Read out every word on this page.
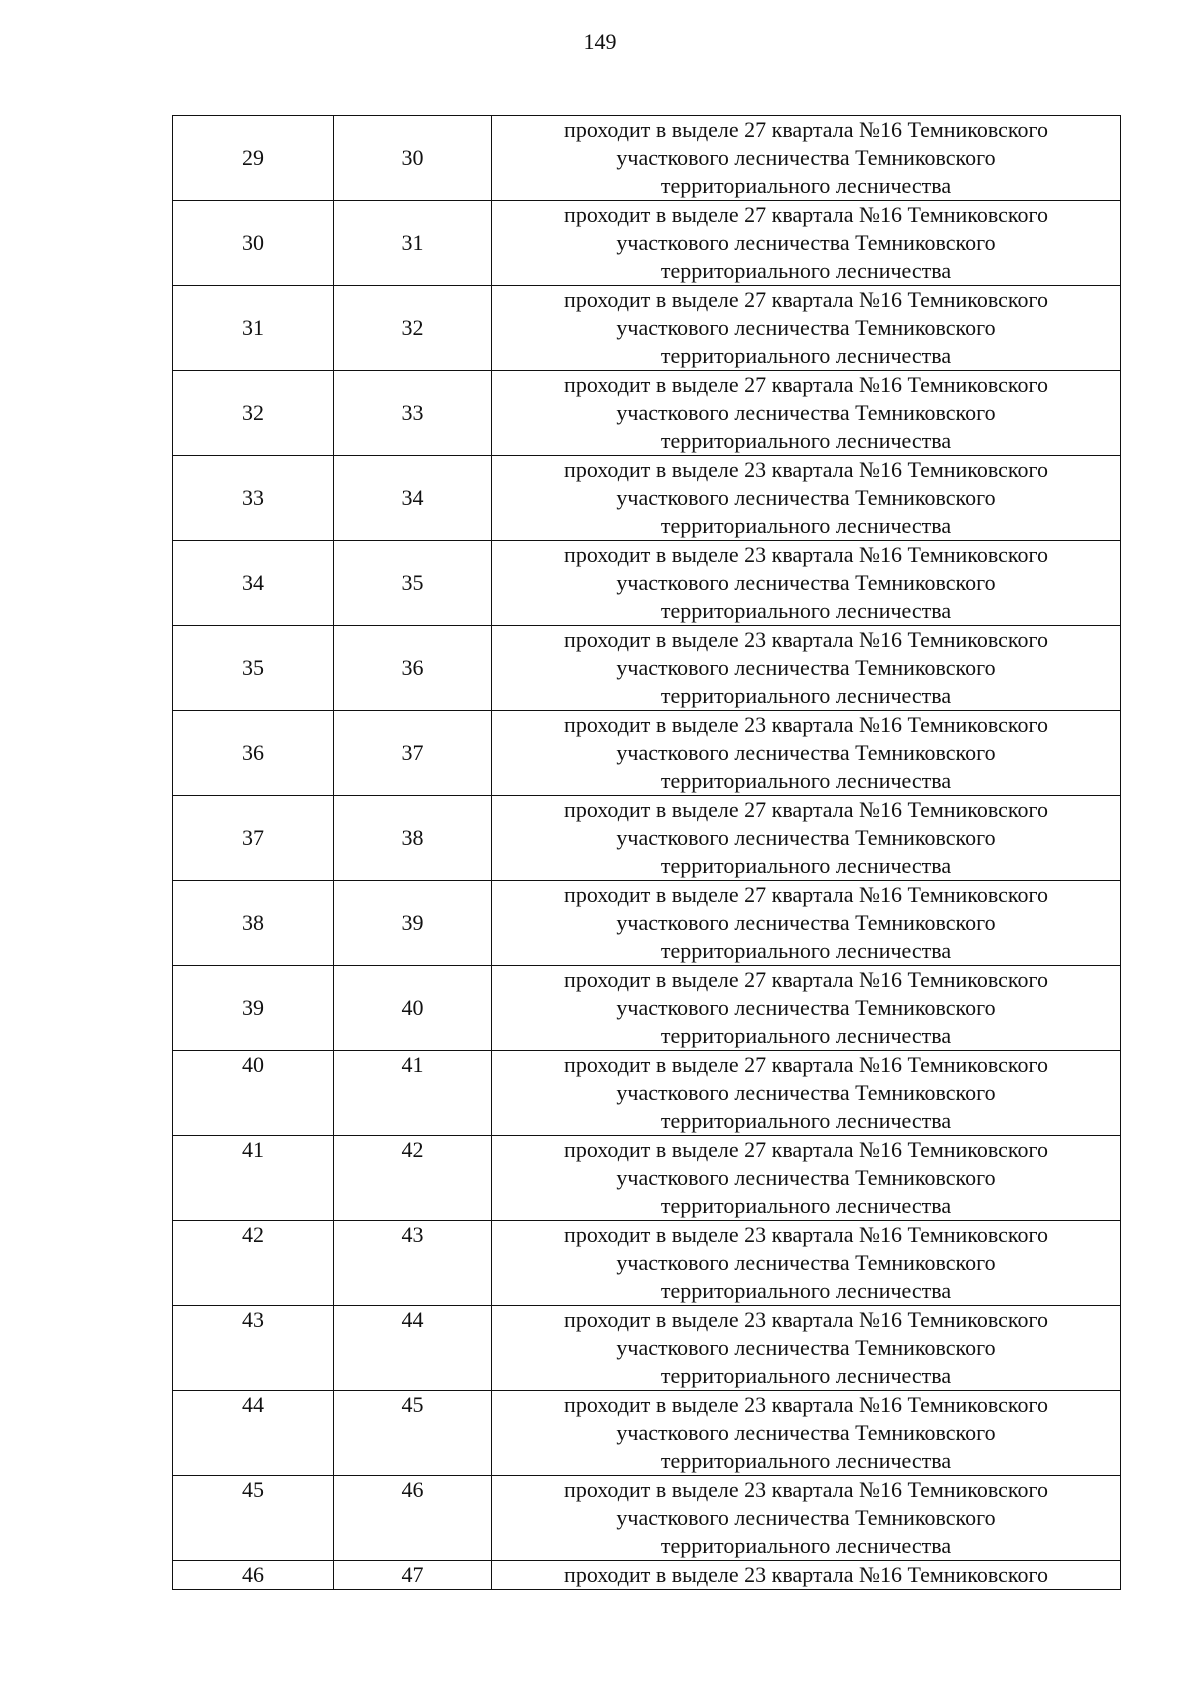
149
29	30	проходит в выделе 27 квартала №16 Темниковского
участкового лесничества Темниковского
территориального лесничества

30	31	проходит в выделе 27 квартала №16 Темниковского
участкового лесничества Темниковского
территориального лесничества

31	32	проходит в выделе 27 квартала №16 Темниковского
участкового лесничества Темниковского
территориального лесничества

32	33	проходит в выделе 27 квартала №16 Темниковского
участкового лесничества Темниковского
территориального лесничества

33	34	проходит в выделе 23 квартала №16 Темниковского
участкового лесничества Темниковского
территориального лесничества

34	35	проходит в выделе 23 квартала №16 Темниковского
участкового лесничества Темниковского
территориального лесничества

35	36	проходит в выделе 23 квартала №16 Темниковского
участкового лесничества Темниковского
территориального лесничества

36	37	проходит в выделе 23 квартала №16 Темниковского
участкового лесничества Темниковского
территориального лесничества

37	38	проходит в выделе 27 квартала №16 Темниковского
участкового лесничества Темниковского
территориального лесничества

38	39	проходит в выделе 27 квартала №16 Темниковского
участкового лесничества Темниковского
территориального лесничества

39	40	проходит в выделе 27 квартала №16 Темниковского
участкового лесничества Темниковского
территориального лесничества

40	41	проходит в выделе 27 квартала №16 Темниковского
участкового лесничества Темниковского
территориального лесничества

41	42	проходит в выделе 27 квартала №16 Темниковского
участкового лесничества Темниковского
территориального лесничества

42	43	проходит в выделе 23 квартала №16 Темниковского
участкового лесничества Темниковского
территориального лесничества

43	44	проходит в выделе 23 квартала №16 Темниковского
участкового лесничества Темниковского
территориального лесничества

44	45	проходит в выделе 23 квартала №16 Темниковского
участкового лесничества Темниковского
территориального лесничества

45	46	проходит в выделе 23 квартала №16 Темниковского
участкового лесничества Темниковского
территориального лесничества

46	47	проходит в выделе 23 квартала №16 Темниковского
